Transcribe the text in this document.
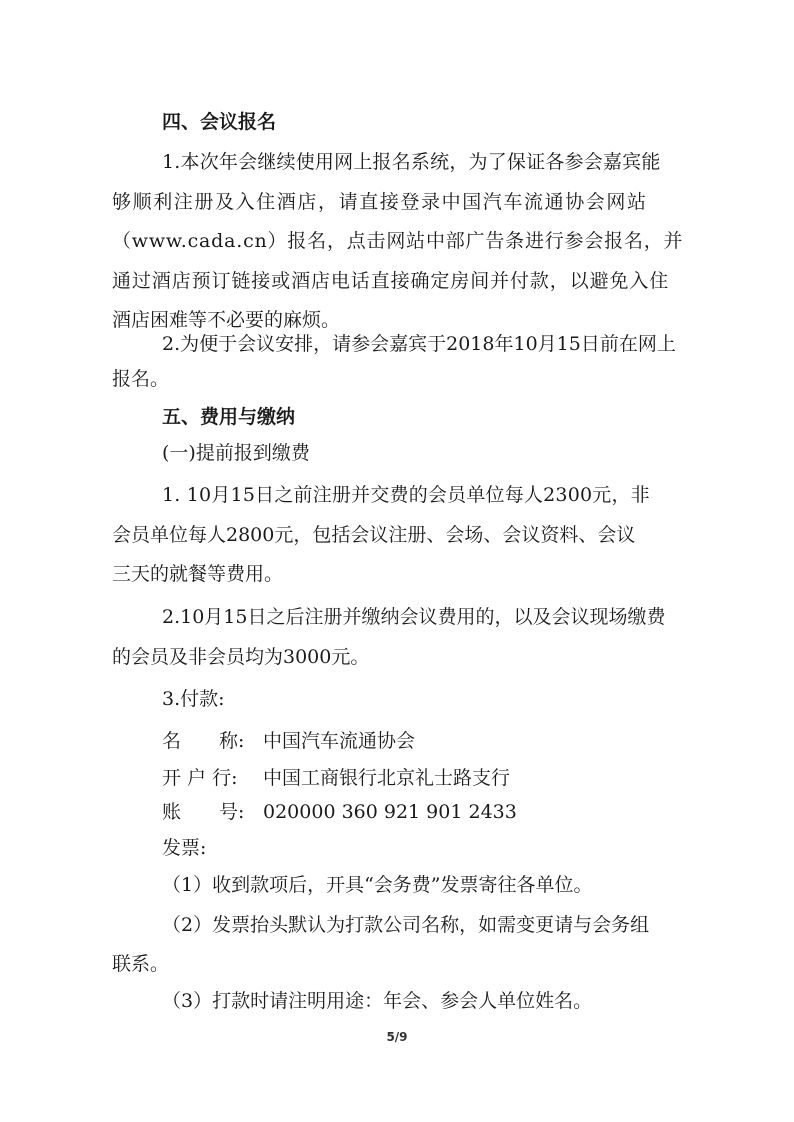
四、会议报名
1.本次年会继续使用网上报名系统，为了保证各参会嘉宾能
够顺利注册及入住酒店，请直接登录中国汽车流通协会网站
（www.cada.cn）报名，点击网站中部广告条进行参会报名，并
通过酒店预订链接或酒店电话直接确定房间并付款，以避免入住
酒店困难等不必要的麻烦。
2.为便于会议安排，请参会嘉宾于2018年10月15日前在网上
报名。
五、费用与缴纳
(一)提前报到缴费
1. 10月15日之前注册并交费的会员单位每人2300元，非
会员单位每人2800元，包括会议注册、会场、会议资料、会议
三天的就餐等费用。
2.10月15日之后注册并缴纳会议费用的，以及会议现场缴费
的会员及非会员均为3000元。
3.付款:
名　　称: 中国汽车流通协会
开 户 行: 中国工商银行北京礼士路支行
账　　号: 020000 360 921 901 2433
发票:
（1）收到款项后，开具“会务费”发票寄往各单位。
（2）发票抬头默认为打款公司名称，如需变更请与会务组
联系。
（3）打款时请注明用途：年会、参会人单位姓名。
5/9
